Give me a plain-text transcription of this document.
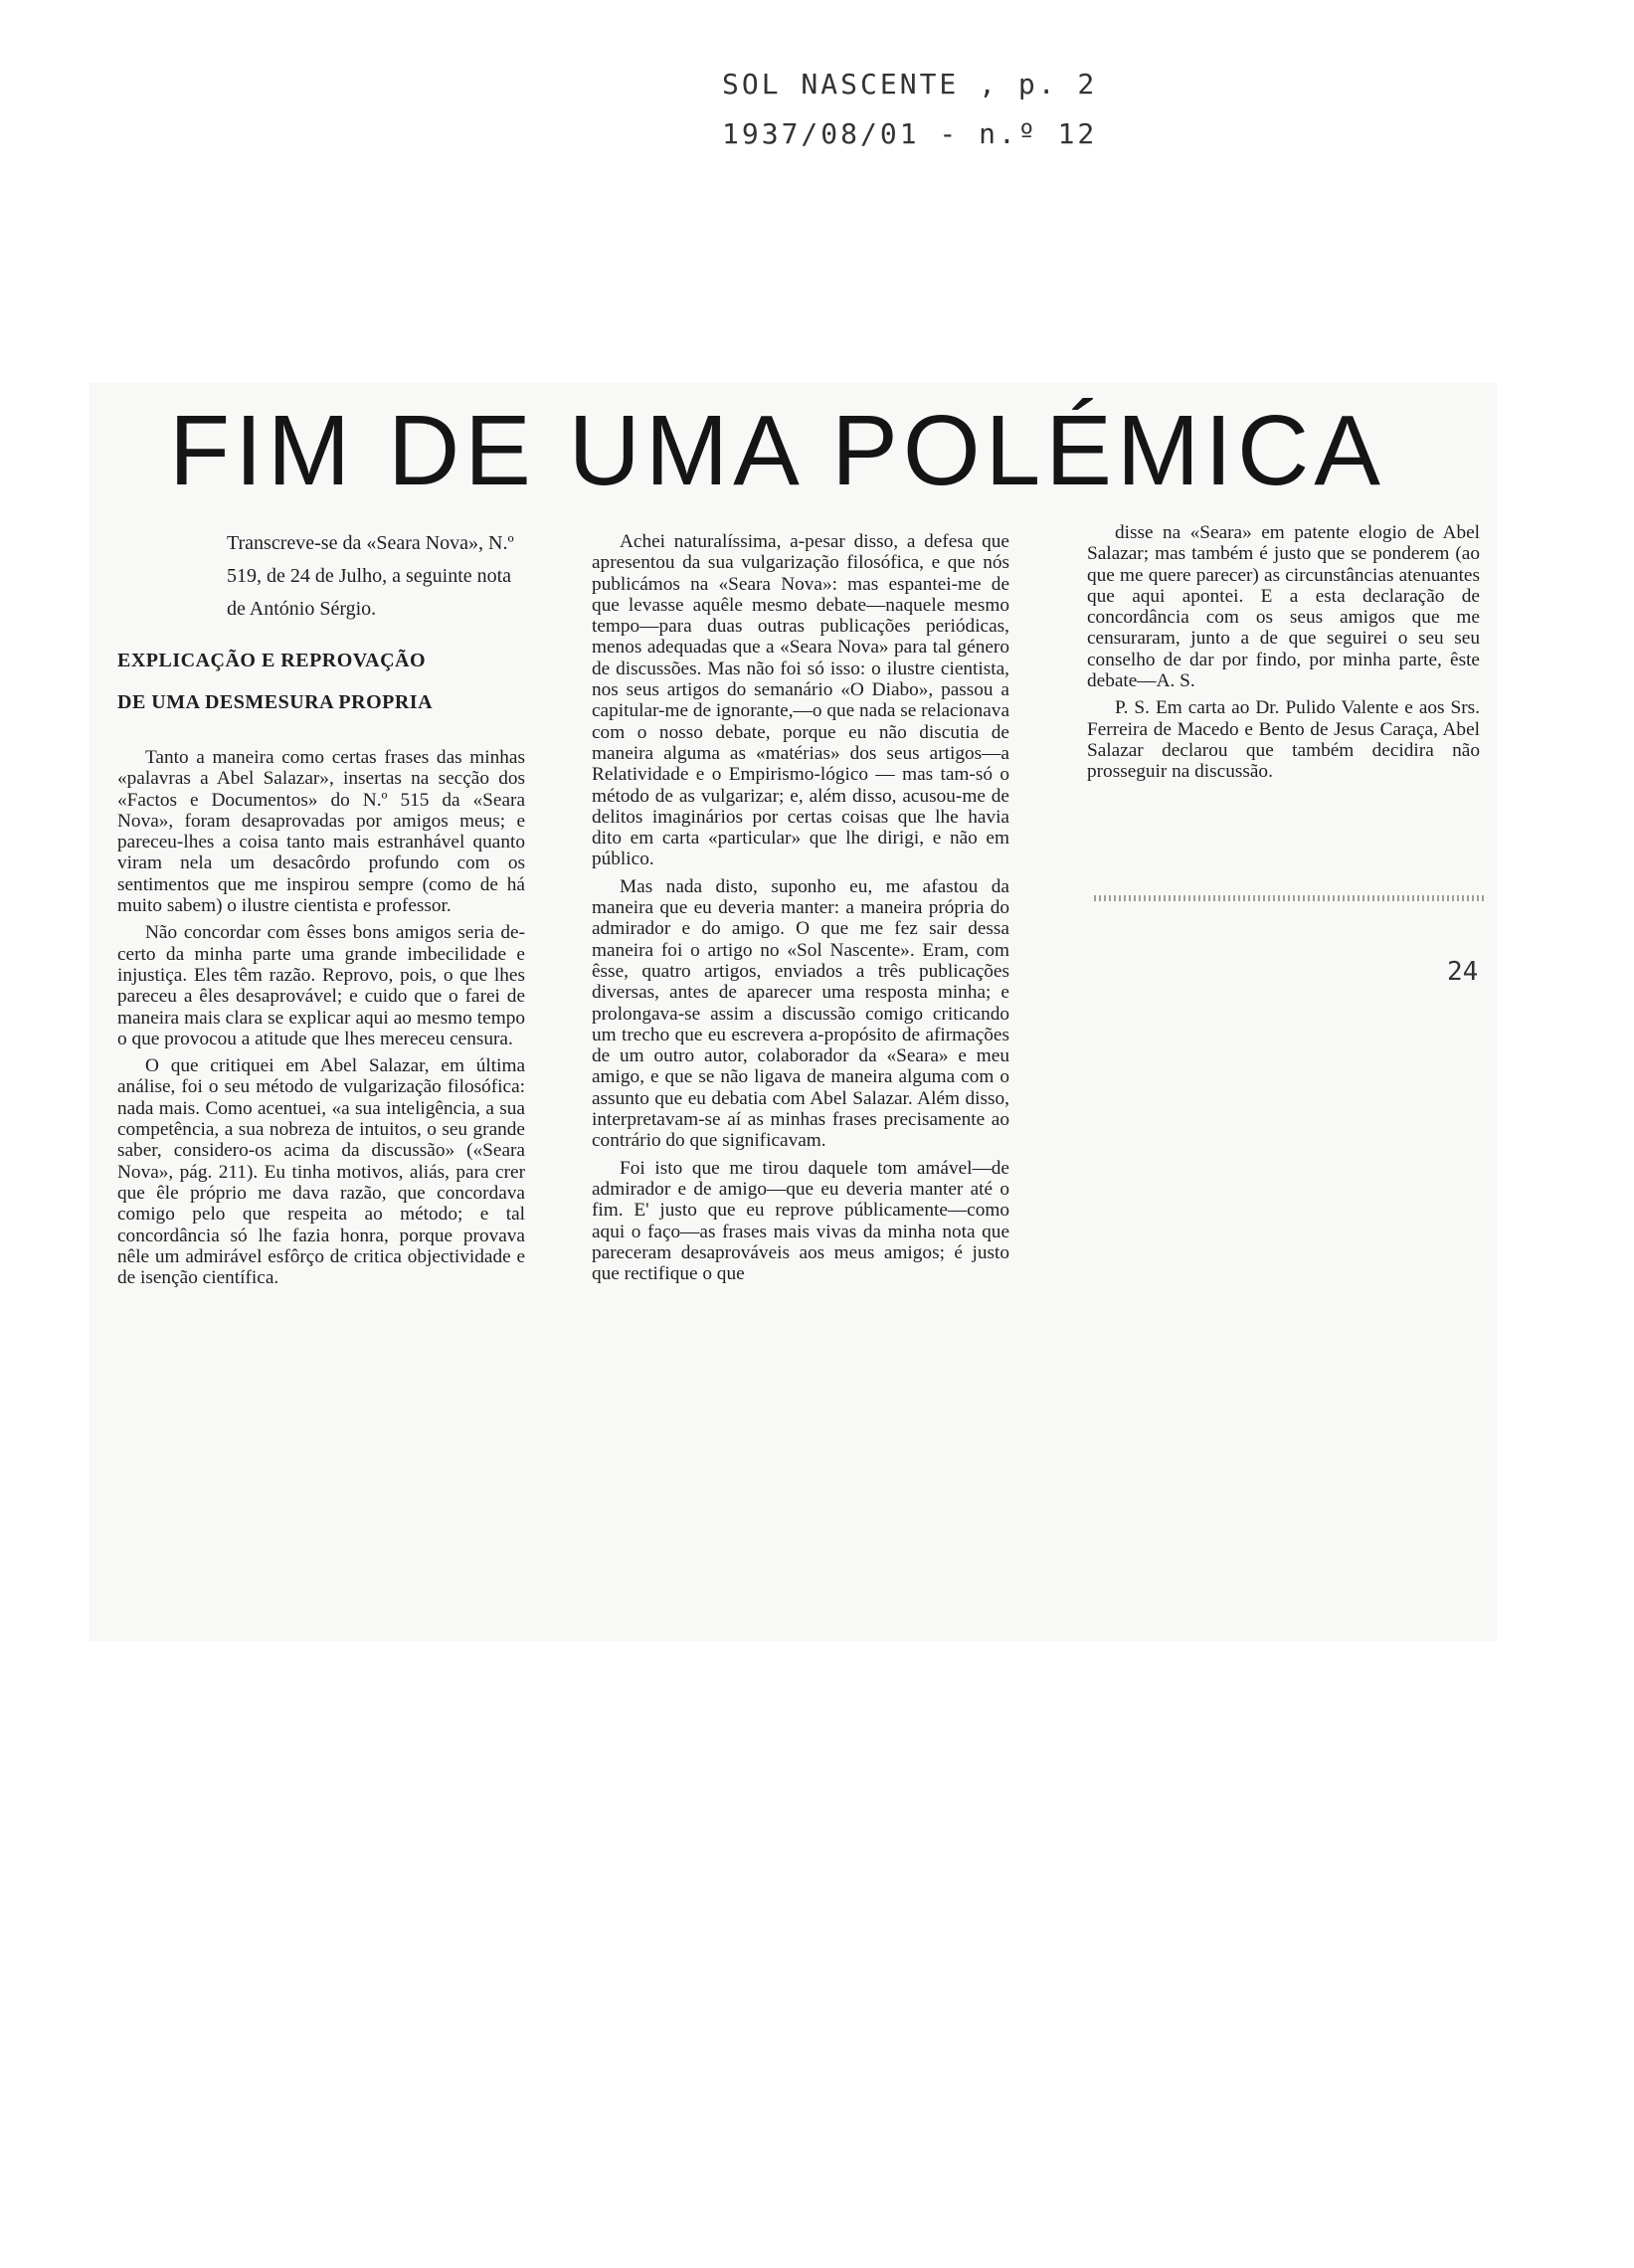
SOL NASCENTE , p. 2
1937/08/01 - n.º 12
FIM DE UMA POLÉMICA

Transcreve-se da «Seara Nova», N.º 519, de 24 de Julho, a seguinte nota de António Sérgio.

EXPLICAÇÃO E REPROVAÇÃO

DE UMA DESMESURA PROPRIA

Tanto a maneira como certas frases das minhas «palavras a Abel Salazar», insertas na secção dos «Factos e Documentos» do N.º 515 da «Seara Nova», foram desaprovadas por amigos meus; e pareceu-lhes a coisa tanto mais estranhável quanto viram nela um desacôrdo profundo com os sentimentos que me inspirou sempre (como de há muito sabem) o ilustre cientista e professor.

Não concordar com êsses bons amigos seria de-certo da minha parte uma grande imbecilidade e injustiça. Eles têm razão. Reprovo, pois, o que lhes pareceu a êles desaprovável; e cuido que o farei de maneira mais clara se explicar aqui ao mesmo tempo o que provocou a atitude que lhes mereceu censura.

O que critiquei em Abel Salazar, em última análise, foi o seu método de vulgarização filosófica: nada mais. Como acentuei, «a sua inteligência, a sua competência, a sua nobreza de intuitos, o seu grande saber, considero-os acima da discussão» («Seara Nova», pág. 211). Eu tinha motivos, aliás, para crer que êle próprio me dava razão, que concordava comigo pelo que respeita ao método; e tal concordância só lhe fazia honra, porque provava nêle um admirável esfôrço de critica objectividade e de isenção científica.

Achei naturalíssima, a-pesar disso, a defesa que apresentou da sua vulgarização filosófica, e que nós publicámos na «Seara Nova»: mas espantei-me de que levasse aquêle mesmo debate—naquele mesmo tempo—para duas outras publicações periódicas, menos adequadas que a «Seara Nova» para tal género de discussões. Mas não foi só isso: o ilustre cientista, nos seus artigos do semanário «O Diabo», passou a capitular-me de ignorante,—o que nada se relacionava com o nosso debate, porque eu não discutia de maneira alguma as «matérias» dos seus artigos—a Relatividade e o Empirismo-lógico — mas tam-só o método de as vulgarizar; e, além disso, acusou-me de delitos imaginários por certas coisas que lhe havia dito em carta «particular» que lhe dirigi, e não em público.

Mas nada disto, suponho eu, me afastou da maneira que eu deveria manter: a maneira própria do admirador e do amigo. O que me fez sair dessa maneira foi o artigo no «Sol Nascente». Eram, com êsse, quatro artigos, enviados a três publicações diversas, antes de aparecer uma resposta minha; e prolongava-se assim a discussão comigo criticando um trecho que eu escrevera a-propósito de afirmações de um outro autor, colaborador da «Seara» e meu amigo, e que se não ligava de maneira alguma com o assunto que eu debatia com Abel Salazar. Além disso, interpretavam-se aí as minhas frases precisamente ao contrário do que significavam.

Foi isto que me tirou daquele tom amável—de admirador e de amigo—que eu deveria manter até o fim. E' justo que eu reprove públicamente—como aqui o faço—as frases mais vivas da minha nota que pareceram desaprováveis aos meus amigos; é justo que rectifique o que

disse na «Seara» em patente elogio de Abel Salazar; mas também é justo que se ponderem (ao que me quere parecer) as circunstâncias atenuantes que aqui apontei. E a esta declaração de concordância com os seus amigos que me censuraram, junto a de que seguirei o seu seu conselho de dar por findo, por minha parte, êste debate—A. S.

P. S. Em carta ao Dr. Pulido Valente e aos Srs. Ferreira de Macedo e Bento de Jesus Caraça, Abel Salazar declarou que também decidira não prosseguir na discussão.

24
